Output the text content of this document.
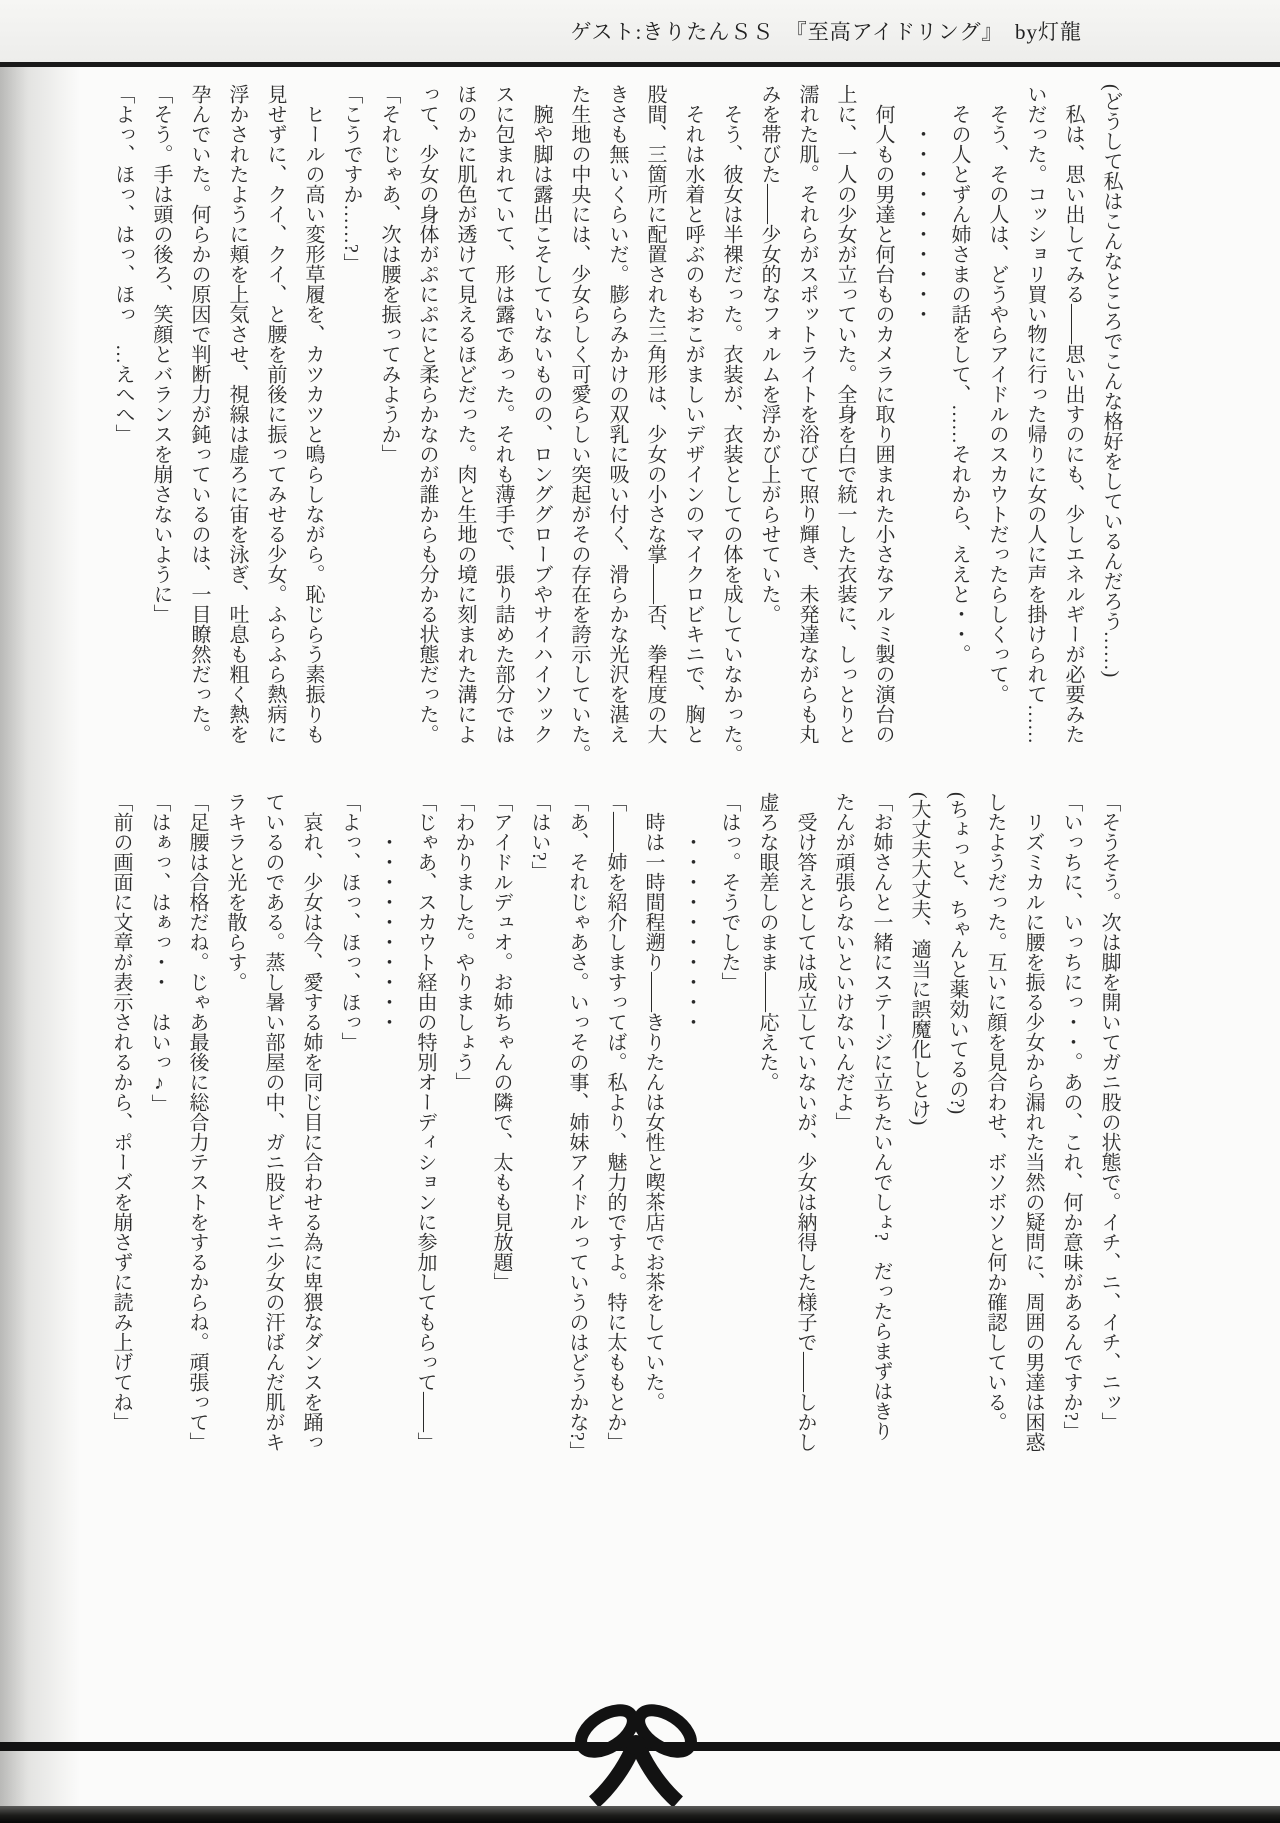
ゲスト:きりたんＳＳ　『至高アイドリング』　by灯龍

(どうして私はこんなところでこんな格好をしているんだろう……)

　私は、思い出してみる――思い出すのにも、少しエネルギーが必要みた

いだった。コッショリ買い物に行った帰りに女の人に声を掛けられて……

　そう、その人は、どうやらアイドルのスカウトだったらしくって。

　その人とずん姉さまの話をして、……それから、ええと・・。

　　・・・・・・・・・・

　何人もの男達と何台ものカメラに取り囲まれた小さなアルミ製の演台の

上に、一人の少女が立っていた。全身を白で統一した衣装に、しっとりと

濡れた肌。それらがスポットライトを浴びて照り輝き、未発達ながらも丸

みを帯びた――少女的なフォルムを浮かび上がらせていた。

　そう、彼女は半裸だった。衣装が、衣装としての体を成していなかった。

　それは水着と呼ぶのもおこがましいデザインのマイクロビキニで、胸と

股間、三箇所に配置された三角形は、少女の小さな掌――否、拳程度の大

きさも無いくらいだ。膨らみかけの双乳に吸い付く、滑らかな光沢を湛え

た生地の中央には、少女らしく可愛らしい突起がその存在を誇示していた。

　腕や脚は露出こそしていないものの、ロンググローブやサイハイソック

スに包まれていて、形は露であった。それも薄手で、張り詰めた部分では

ほのかに肌色が透けて見えるほどだった。肉と生地の境に刻まれた溝によ

って、少女の身体がぷにぷにと柔らかなのが誰からも分かる状態だった。

「それじゃあ、次は腰を振ってみようか」

「こうですか……?」

　ヒールの高い変形草履を、カツカツと鳴らしながら。恥じらう素振りも

見せずに、クイ、クイ、と腰を前後に振ってみせる少女。ふらふら熱病に

浮かされたように頬を上気させ、視線は虚ろに宙を泳ぎ、吐息も粗く熱を

孕んでいた。何らかの原因で判断力が鈍っているのは、一目瞭然だった。

「そう。手は頭の後ろ、笑顔とバランスを崩さないように」

「よっ、ほっ、はっ、ほっ　…えへへ」

「そうそう。次は脚を開いてガニ股の状態で。イチ、ニ、イチ、ニッ」

「いっちに、いっちにっ・・。あの、これ、何か意味があるんですか?」

　リズミカルに腰を振る少女から漏れた当然の疑問に、周囲の男達は困惑

したようだった。互いに顔を見合わせ、ボソボソと何か確認している。

(ちょっと、ちゃんと薬効いてるの?)

(大丈夫大丈夫、適当に誤魔化しとけ)

「お姉さんと一緒にステージに立ちたいんでしょ?　だったらまずはきり

たんが頑張らないといけないんだよ」

　受け答えとしては成立していないが、少女は納得した様子で――しかし

虚ろな眼差しのまま――応えた。

「はっ。そうでした」

　　・・・・・・・・・・

　時は一時間程遡り――きりたんは女性と喫茶店でお茶をしていた。

「――姉を紹介しますってば。私より、魅力的ですよ。特に太ももとか」

「あ、それじゃあさ。いっその事、姉妹アイドルっていうのはどうかな?」

「はい?」

「アイドルデュオ。お姉ちゃんの隣で、太もも見放題」

「わかりました。やりましょう」

「じゃあ、スカウト経由の特別オーディションに参加してもらって――」

　　・・・・・・・・・・

「よっ、ほっ、ほっ、ほっ」

　哀れ、少女は今、愛する姉を同じ目に合わせる為に卑猥なダンスを踊っ

ているのである。蒸し暑い部屋の中、ガニ股ビキニ少女の汗ばんだ肌がキ

ラキラと光を散らす。

「足腰は合格だね。じゃあ最後に総合力テストをするからね。頑張って」

「はぁっ、はぁっ・・　はいっ♪」

「前の画面に文章が表示されるから、ポーズを崩さずに読み上げてね」
